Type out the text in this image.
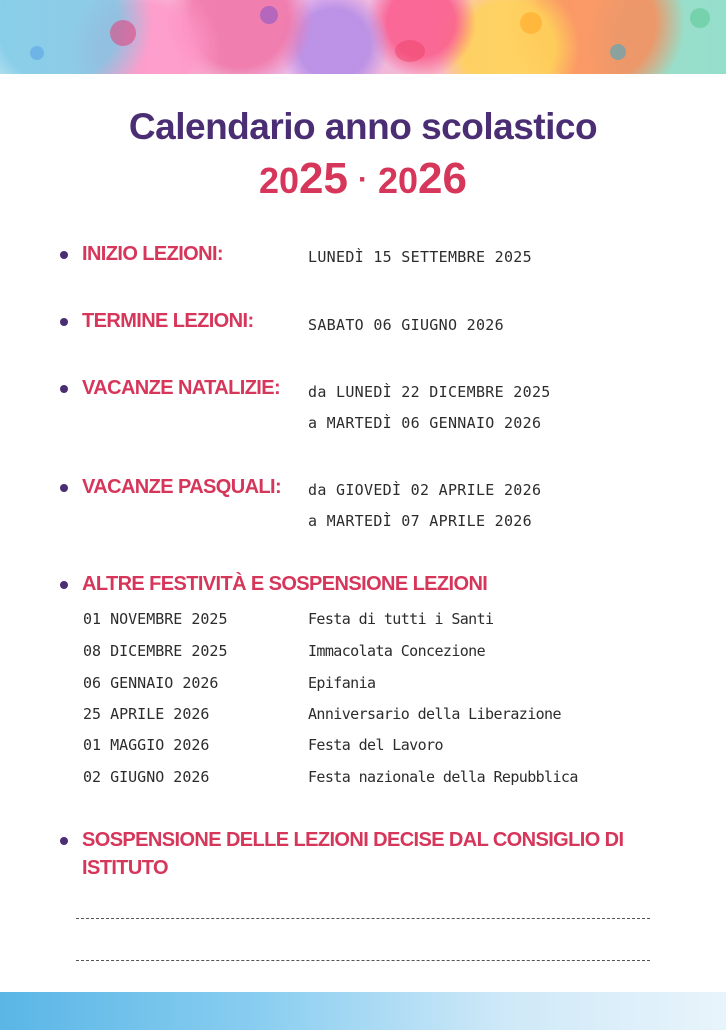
Calendario anno scolastico
2025 · 2026
INIZIO LEZIONI:	LUNEDÌ 15 SETTEMBRE 2025
TERMINE LEZIONI:	SABATO 06 GIUGNO 2026
VACANZE NATALIZIE: da LUNEDÌ 22 DICEMBRE 2025
a MARTEDÌ 06 GENNAIO 2026
VACANZE PASQUALI: da GIOVEDÌ 02 APRILE 2026
a MARTEDÌ 07 APRILE 2026
ALTRE FESTIVITÀ E SOSPENSIONE LEZIONI
01 NOVEMBRE 2025	Festa di tutti i Santi
08 DICEMBRE 2025	Immacolata Concezione
06 GENNAIO 2026	Epifania
25 APRILE 2026	Anniversario della Liberazione
01 MAGGIO 2026	Festa del Lavoro
02 GIUGNO 2026	Festa nazionale della Repubblica
SOSPENSIONE DELLE LEZIONI DECISE DAL CONSIGLIO DI
ISTITUTO
